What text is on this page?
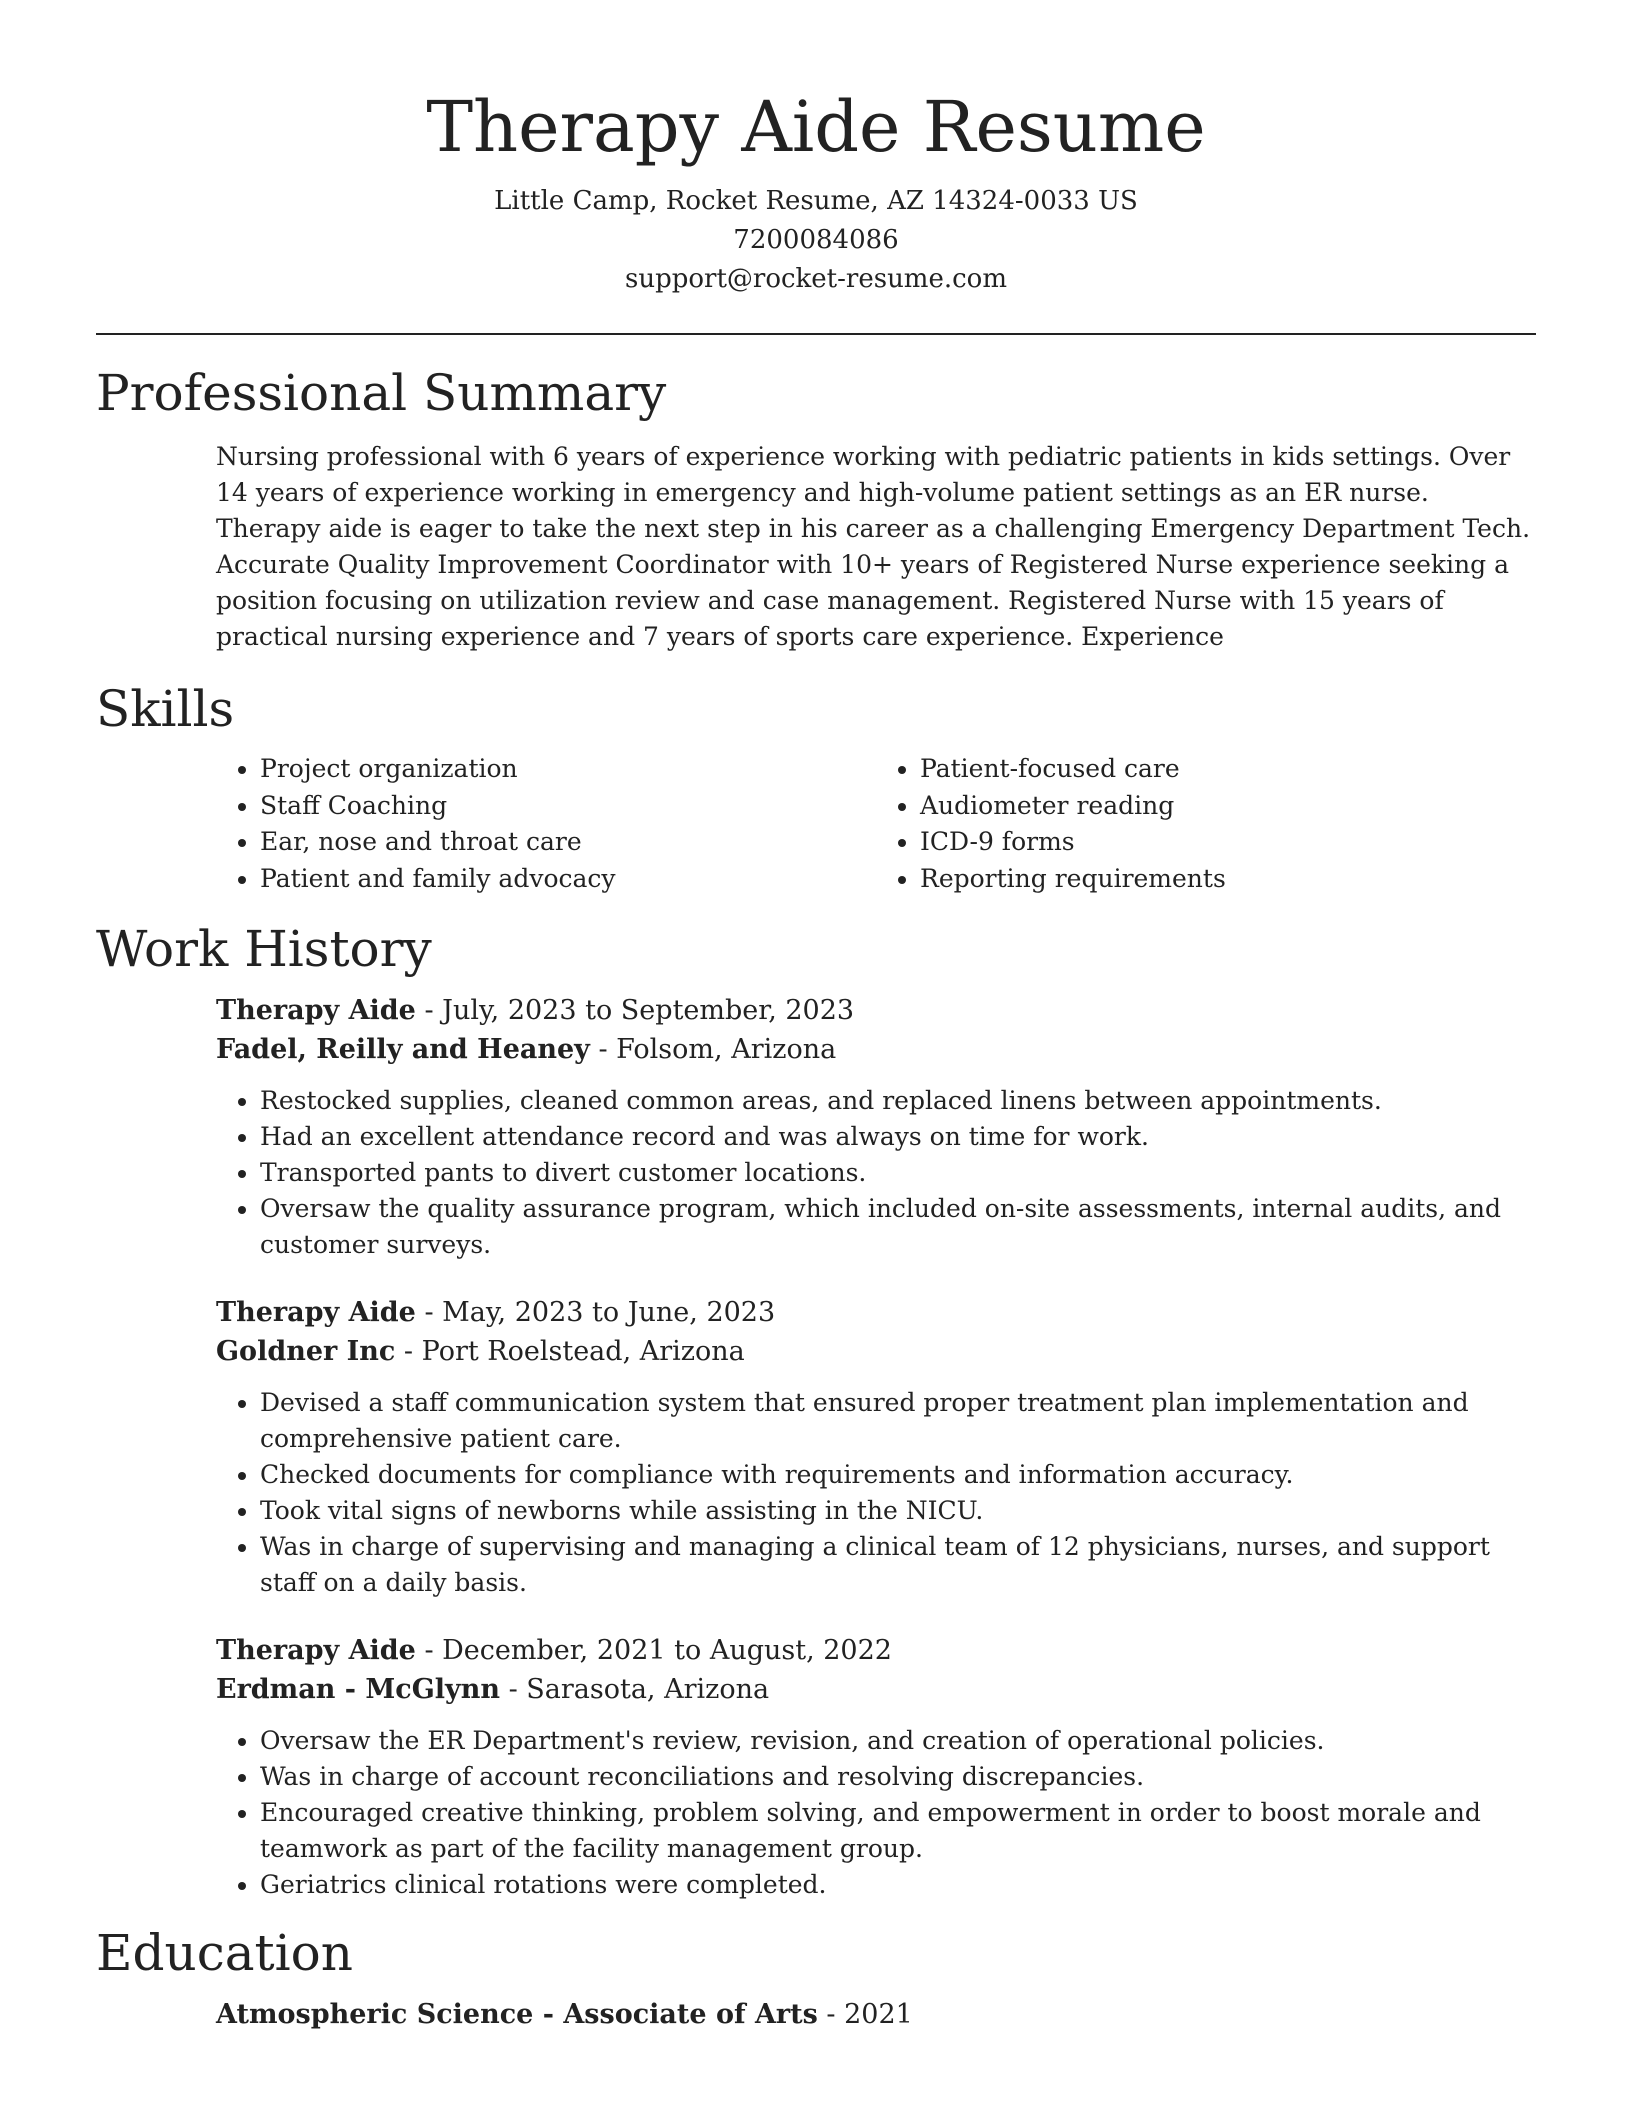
Therapy Aide Resume
Little Camp, Rocket Resume, AZ 14324-0033 US
7200084086
support@rocket-resume.com
Professional Summary
Nursing professional with 6 years of experience working with pediatric patients in kids settings. Over 14 years of experience working in emergency and high-volume patient settings as an ER nurse. Therapy aide is eager to take the next step in his career as a challenging Emergency Department Tech. Accurate Quality Improvement Coordinator with 10+ years of Registered Nurse experience seeking a position focusing on utilization review and case management. Registered Nurse with 15 years of practical nursing experience and 7 years of sports care experience. Experience
Skills
• Project organization
• Staff Coaching
• Ear, nose and throat care
• Patient and family advocacy
• Patient-focused care
• Audiometer reading
• ICD-9 forms
• Reporting requirements
Work History
Therapy Aide - July, 2023 to September, 2023
Fadel, Reilly and Heaney - Folsom, Arizona
• Restocked supplies, cleaned common areas, and replaced linens between appointments.
• Had an excellent attendance record and was always on time for work.
• Transported pants to divert customer locations.
• Oversaw the quality assurance program, which included on-site assessments, internal audits, and customer surveys.
Therapy Aide - May, 2023 to June, 2023
Goldner Inc - Port Roelstead, Arizona
• Devised a staff communication system that ensured proper treatment plan implementation and comprehensive patient care.
• Checked documents for compliance with requirements and information accuracy.
• Took vital signs of newborns while assisting in the NICU.
• Was in charge of supervising and managing a clinical team of 12 physicians, nurses, and support staff on a daily basis.
Therapy Aide - December, 2021 to August, 2022
Erdman - McGlynn - Sarasota, Arizona
• Oversaw the ER Department's review, revision, and creation of operational policies.
• Was in charge of account reconciliations and resolving discrepancies.
• Encouraged creative thinking, problem solving, and empowerment in order to boost morale and teamwork as part of the facility management group.
• Geriatrics clinical rotations were completed.
Education
Atmospheric Science - Associate of Arts - 2021
